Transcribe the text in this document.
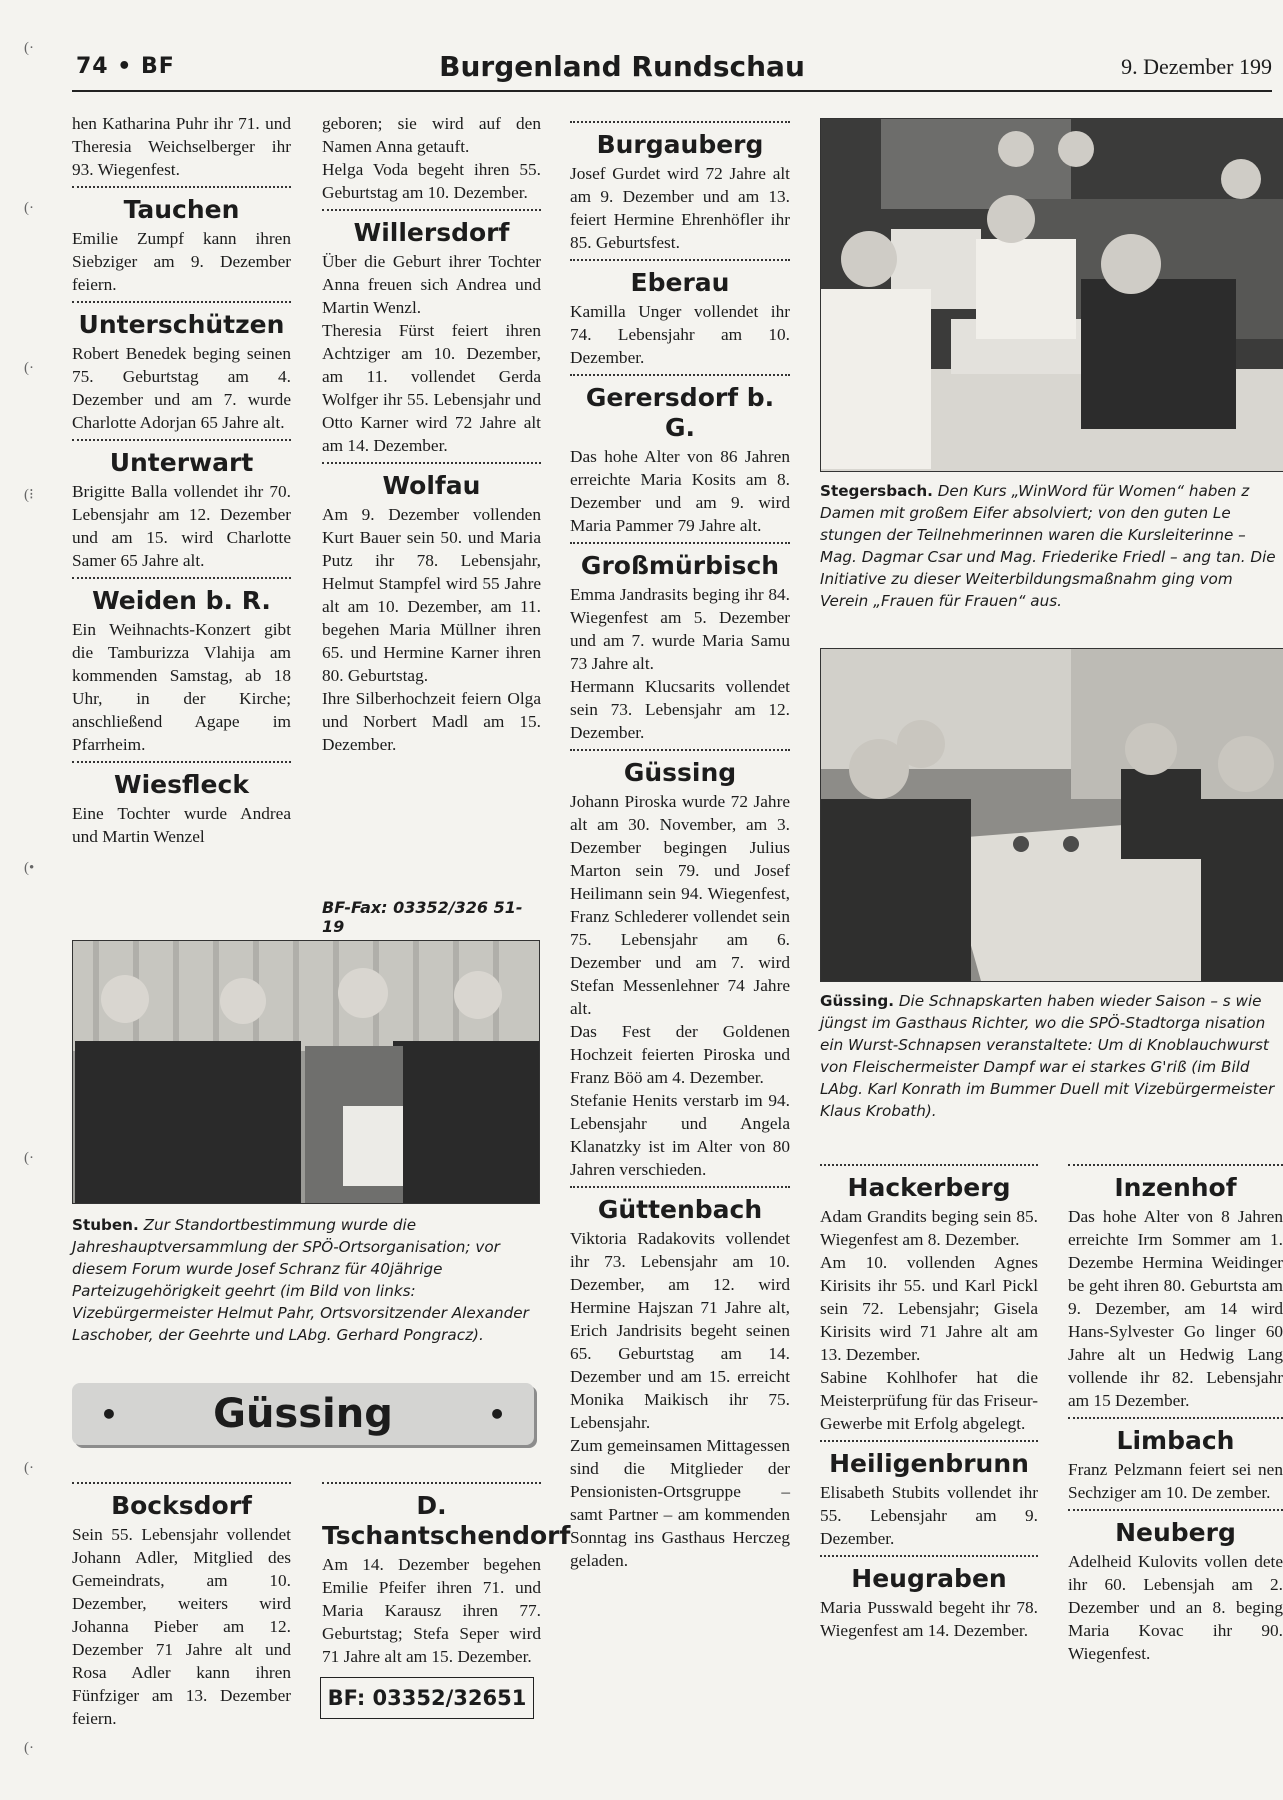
(·
(·
(·
(⁝
(•
(·
(·
(·
74 • BF	Burgenland Rundschau	9. Dezember 199

hen Katharina Puhr ihr 71. und Theresia Weichselberger ihr 93. Wiegenfest.

Tauchen

Emilie Zumpf kann ihren Siebziger am 9. Dezember feiern.

Unterschützen

Robert Benedek beging seinen 75. Geburtstag am 4. Dezember und am 7. wurde Charlotte Adorjan 65 Jahre alt.

Unterwart

Brigitte Balla vollendet ihr 70. Lebensjahr am 12. Dezember und am 15. wird Charlotte Samer 65 Jahre alt.

Weiden b. R.

Ein Weihnachts-Konzert gibt die Tamburizza Vlahija am kommenden Samstag, ab 18 Uhr, in der Kirche; anschließend Agape im Pfarrheim.

Wiesfleck

Eine Tochter wurde Andrea und Martin Wenzel

geboren; sie wird auf den Namen Anna getauft.

Helga Voda begeht ihren 55. Geburtstag am 10. Dezember.

Willersdorf

Über die Geburt ihrer Tochter Anna freuen sich Andrea und Martin Wenzl.

Theresia Fürst feiert ihren Achtziger am 10. Dezember, am 11. vollendet Gerda Wolfger ihr 55. Lebensjahr und Otto Karner wird 72 Jahre alt am 14. Dezember.

Wolfau

Am 9. Dezember vollenden Kurt Bauer sein 50. und Maria Putz ihr 78. Lebensjahr, Helmut Stampfel wird 55 Jahre alt am 10. Dezember, am 11. begehen Maria Müllner ihren 65. und Hermine Karner ihren 80. Geburtstag.

Ihre Silberhochzeit feiern Olga und Norbert Madl am 15. Dezember.

Burgauberg

Josef Gurdet wird 72 Jahre alt am 9. Dezember und am 13. feiert Hermine Ehrenhöfler ihr 85. Geburtsfest.

Eberau

Kamilla Unger vollendet ihr 74. Lebensjahr am 10. Dezember.

Gerersdorf b. G.

Das hohe Alter von 86 Jahren erreichte Maria Kosits am 8. Dezember und am 9. wird Maria Pammer 79 Jahre alt.

Großmürbisch

Emma Jandrasits beging ihr 84. Wiegenfest am 5. Dezember und am 7. wurde Maria Samu 73 Jahre alt.

Hermann Klucsarits vollendet sein 73. Lebensjahr am 12. Dezember.

Güssing

Johann Piroska wurde 72 Jahre alt am 30. November, am 3. Dezember begingen Julius Marton sein 79. und Josef Heilimann sein 94. Wiegenfest, Franz Schlederer vollendet sein 75. Lebensjahr am 6. Dezember und am 7. wird Stefan Messenlehner 74 Jahre alt.

Das Fest der Goldenen Hochzeit feierten Piroska und Franz Böö am 4. Dezember.

Stefanie Henits verstarb im 94. Lebensjahr und Angela Klanatzky ist im Alter von 80 Jahren verschieden.

Güttenbach

Viktoria Radakovits vollendet ihr 73. Lebensjahr am 10. Dezember, am 12. wird Hermine Hajszan 71 Jahre alt, Erich Jandrisits begeht seinen 65. Geburtstag am 14. Dezember und am 15. erreicht Monika Maikisch ihr 75. Lebensjahr.

Zum gemeinsamen Mittagessen sind die Mitglieder der Pensionisten-Ortsgruppe – samt Partner – am kommenden Sonntag ins Gasthaus Herczeg geladen.

BF-Fax: 03352/326 51-19
Stuben. Zur Standortbestimmung wurde die Jahreshauptversammlung der SPÖ-Ortsorganisation; vor diesem Forum wurde Josef Schranz für 40jährige Parteizugehörigkeit geehrt (im Bild von links: Vizebürgermeister Helmut Pahr, Ortsvorsitzender Alexander Laschober, der Geehrte und LAbg. Gerhard Pongracz).
• Güssing	•
Bocksdorf

Sein 55. Lebensjahr vollendet Johann Adler, Mitglied des Gemeindrats, am 10. Dezember, weiters wird Johanna Pieber am 12. Dezember 71 Jahre alt und Rosa Adler kann ihren Fünfziger am 13. Dezember feiern.

D. Tschantschendorf

Am 14. Dezember begehen Emilie Pfeifer ihren 71. und Maria Karausz ihren 77. Geburtstag; Stefa Seper wird 71 Jahre alt am 15. Dezember.

BF: 03352/32651
Stegersbach. Den Kurs „WinWord für Women“ haben z Damen mit großem Eifer absolviert; von den guten Le stungen der Teilnehmerinnen waren die Kursleiterinne – Mag. Dagmar Csar und Mag. Friederike Friedl – ang tan. Die Initiative zu dieser Weiterbildungsmaßnahm ging vom Verein „Frauen für Frauen“ aus.
Güssing. Die Schnapskarten haben wieder Saison – s wie jüngst im Gasthaus Richter, wo die SPÖ-Stadtorga nisation ein Wurst-Schnapsen veranstaltete: Um di Knoblauchwurst von Fleischermeister Dampf war ei starkes G'riß (im Bild LAbg. Karl Konrath im Bummer Duell mit Vizebürgermeister Klaus Krobath).
Hackerberg

Adam Grandits beging sein 85. Wiegenfest am 8. Dezember.

Am 10. vollenden Agnes Kirisits ihr 55. und Karl Pickl sein 72. Lebensjahr; Gisela Kirisits wird 71 Jahre alt am 13. Dezember.

Sabine Kohlhofer hat die Meisterprüfung für das Friseur-Gewerbe mit Erfolg abgelegt.

Heiligenbrunn

Elisabeth Stubits vollendet ihr 55. Lebensjahr am 9. Dezember.

Heugraben

Maria Pusswald begeht ihr 78. Wiegenfest am 14. Dezember.

Inzenhof

Das hohe Alter von 8 Jahren erreichte Irm Sommer am 1. Dezembe Hermina Weidinger be geht ihren 80. Geburtsta am 9. Dezember, am 14 wird Hans-Sylvester Go linger 60 Jahre alt un Hedwig Lang vollende ihr 82. Lebensjahr am 15 Dezember.

Limbach

Franz Pelzmann feiert sei nen Sechziger am 10. De zember.

Neuberg

Adelheid Kulovits vollen dete ihr 60. Lebensjah am 2. Dezember und an 8. beging Maria Kovac ihr 90. Wiegenfest.
